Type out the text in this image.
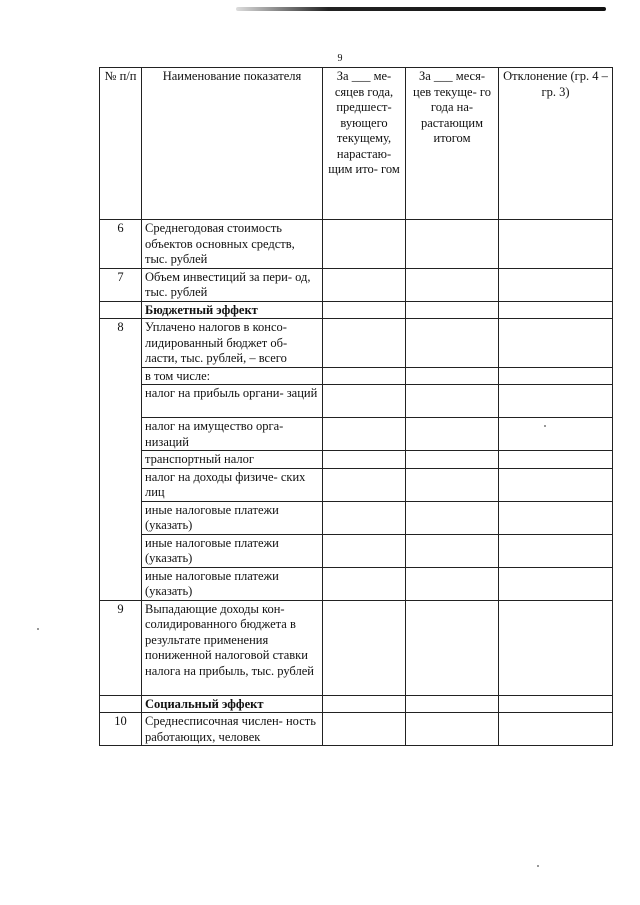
9
№ п/п	Наименование показателя	За ___ ме- сяцев года, предшест- вующего текущему, нарастаю- щим ито- гом	За ___ меся- цев текуще- го года на- растающим итогом	Отклонение (гр. 4 – гр. 3)
6	Среднегодовая стоимость объектов основных средств, тыс. рублей			
7	Объем инвестиций за пери- од, тыс. рублей			
	Бюджетный эффект			
8	Уплачено налогов в консо- лидированный бюджет об- ласти, тыс. рублей, – всего			
	в том числе:			
	налог на прибыль органи- заций			
	налог на имущество орга- низаций			
	транспортный налог			
	налог на доходы физиче- ских лиц			
	иные налоговые платежи (указать)			
	иные налоговые платежи (указать)			
	иные налоговые платежи (указать)			
9	Выпадающие доходы кон- солидированного бюджета в результате применения пониженной налоговой ставки налога на прибыль, тыс. рублей			
	Социальный эффект			
10	Среднесписочная числен- ность работающих, человек			
